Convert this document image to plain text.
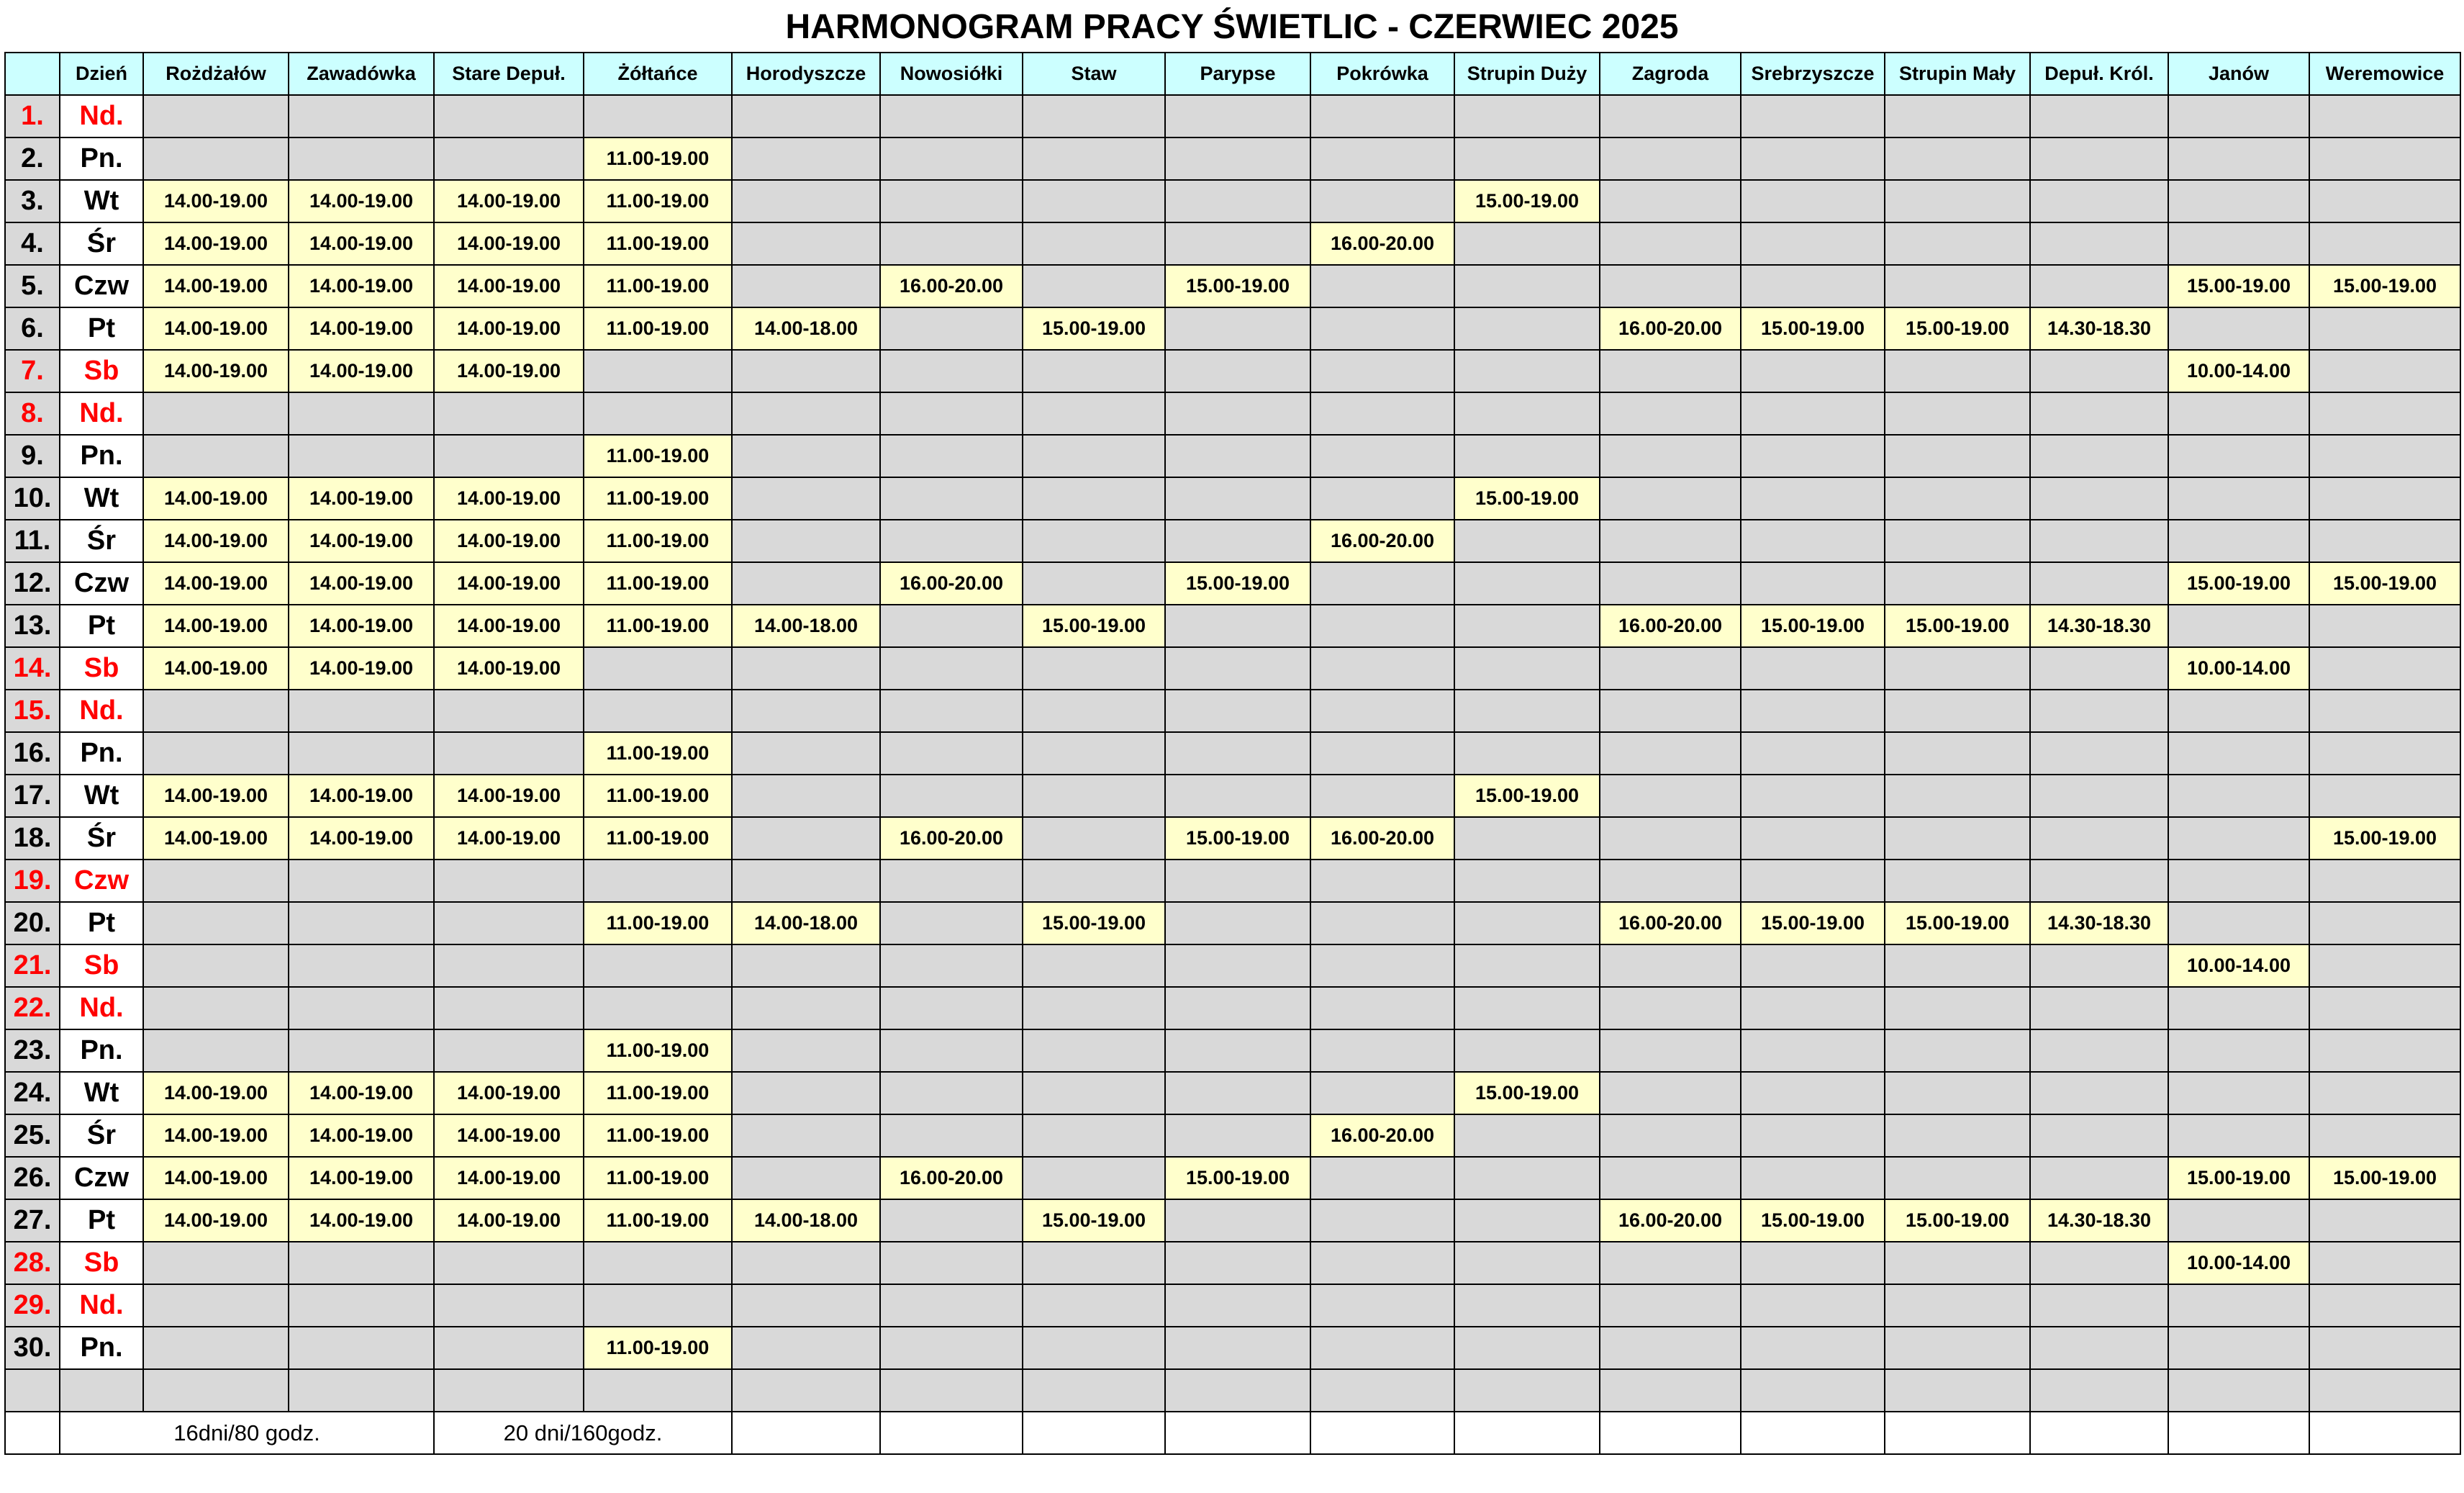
HARMONOGRAM PRACY ŚWIETLIC - CZERWIEC 2025
	Dzień	Rożdżałów	Zawadówka	Stare Depuł.	Żółtańce	Horodyszcze	Nowosiółki	Staw	Parypse	Pokrówka	Strupin Duży	Zagroda	Srebrzyszcze	Strupin Mały	Depuł. Król.	Janów	Weremowice
1.	Nd.																
2.	Pn.				11.00-19.00												
3.	Wt	14.00-19.00	14.00-19.00	14.00-19.00	11.00-19.00						15.00-19.00						
4.	Śr	14.00-19.00	14.00-19.00	14.00-19.00	11.00-19.00					16.00-20.00							
5.	Czw	14.00-19.00	14.00-19.00	14.00-19.00	11.00-19.00		16.00-20.00		15.00-19.00							15.00-19.00	15.00-19.00
6.	Pt	14.00-19.00	14.00-19.00	14.00-19.00	11.00-19.00	14.00-18.00		15.00-19.00				16.00-20.00	15.00-19.00	15.00-19.00	14.30-18.30		
7.	Sb	14.00-19.00	14.00-19.00	14.00-19.00												10.00-14.00	
8.	Nd.																
9.	Pn.				11.00-19.00												
10.	Wt	14.00-19.00	14.00-19.00	14.00-19.00	11.00-19.00						15.00-19.00						
11.	Śr	14.00-19.00	14.00-19.00	14.00-19.00	11.00-19.00					16.00-20.00							
12.	Czw	14.00-19.00	14.00-19.00	14.00-19.00	11.00-19.00		16.00-20.00		15.00-19.00							15.00-19.00	15.00-19.00
13.	Pt	14.00-19.00	14.00-19.00	14.00-19.00	11.00-19.00	14.00-18.00		15.00-19.00				16.00-20.00	15.00-19.00	15.00-19.00	14.30-18.30		
14.	Sb	14.00-19.00	14.00-19.00	14.00-19.00												10.00-14.00	
15.	Nd.																
16.	Pn.				11.00-19.00												
17.	Wt	14.00-19.00	14.00-19.00	14.00-19.00	11.00-19.00						15.00-19.00						
18.	Śr	14.00-19.00	14.00-19.00	14.00-19.00	11.00-19.00		16.00-20.00		15.00-19.00	16.00-20.00							15.00-19.00
19.	Czw																
20.	Pt				11.00-19.00	14.00-18.00		15.00-19.00				16.00-20.00	15.00-19.00	15.00-19.00	14.30-18.30		
21.	Sb															10.00-14.00	
22.	Nd.																
23.	Pn.				11.00-19.00												
24.	Wt	14.00-19.00	14.00-19.00	14.00-19.00	11.00-19.00						15.00-19.00						
25.	Śr	14.00-19.00	14.00-19.00	14.00-19.00	11.00-19.00					16.00-20.00							
26.	Czw	14.00-19.00	14.00-19.00	14.00-19.00	11.00-19.00		16.00-20.00		15.00-19.00							15.00-19.00	15.00-19.00
27.	Pt	14.00-19.00	14.00-19.00	14.00-19.00	11.00-19.00	14.00-18.00		15.00-19.00				16.00-20.00	15.00-19.00	15.00-19.00	14.30-18.30		
28.	Sb															10.00-14.00	
29.	Nd.																
30.	Pn.				11.00-19.00												

	16dni/80 godz.			20 dni/160godz.													
